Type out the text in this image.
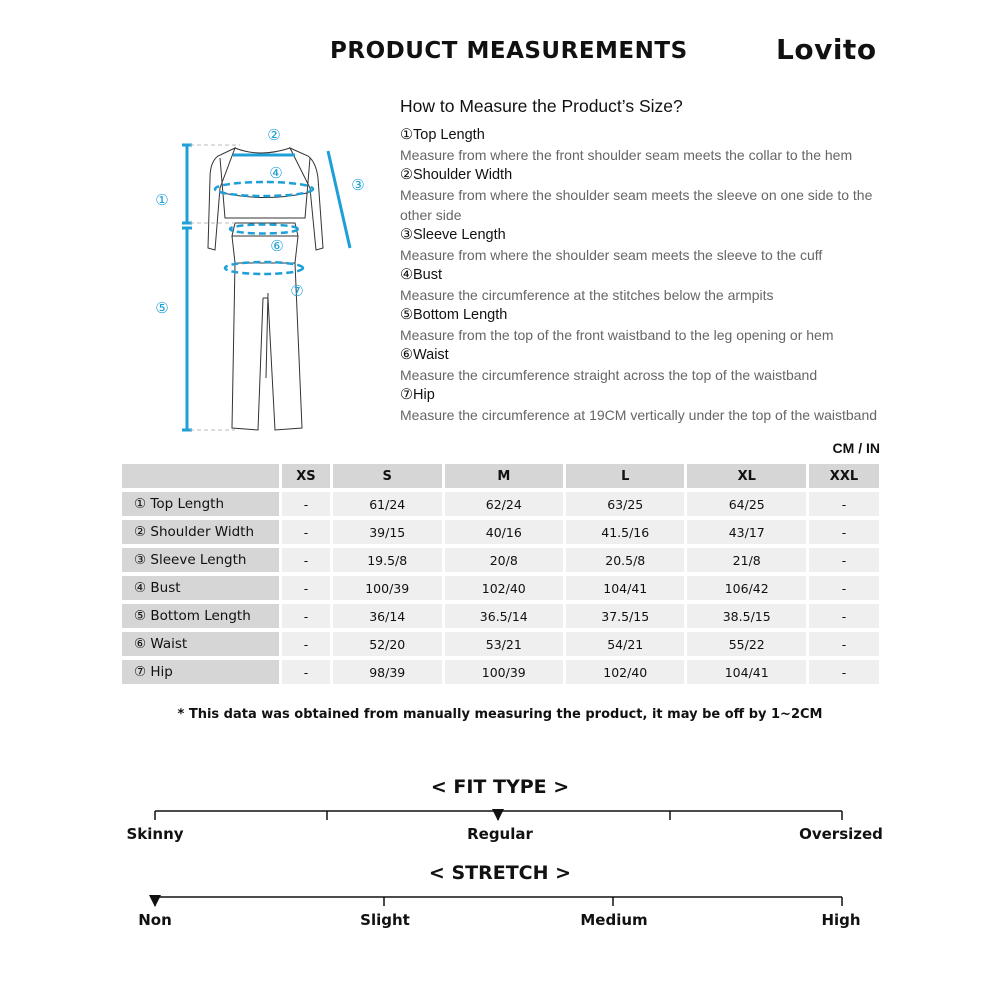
PRODUCT MEASUREMENTS	Lovito
①
②
③
④
⑤
⑥
⑦
How to Measure the Product’s Size?
①Top Length
Measure from where the front shoulder seam meets the collar to the hem
②Shoulder Width
Measure from where the shoulder seam meets the sleeve on one side to the other side
③Sleeve Length
Measure from where the shoulder seam meets the sleeve to the cuff
④Bust
Measure the circumference at the stitches below the armpits
⑤Bottom Length
Measure from the top of the front waistband to the leg opening or hem
⑥Waist
Measure the circumference straight across the top of the waistband
⑦Hip
Measure the circumference at 19CM vertically under the top of the waistband
CM / IN
	XS	S	M	L	XL	XXL
① Top Length	-	61/24	62/24	63/25	64/25	-
② Shoulder Width	-	39/15	40/16	41.5/16	43/17	-
③ Sleeve Length	-	19.5/8	20/8	20.5/8	21/8	-
④ Bust	-	100/39	102/40	104/41	106/42	-
⑤ Bottom Length	-	36/14	36.5/14	37.5/15	38.5/15	-
⑥ Waist	-	52/20	53/21	54/21	55/22	-
⑦ Hip	-	98/39	100/39	102/40	104/41	-
* This data was obtained from manually measuring the product, it may be off by 1~2CM
< FIT TYPE >
Skinny	Regular	Oversized
< STRETCH >
Non	Slight	Medium	High
